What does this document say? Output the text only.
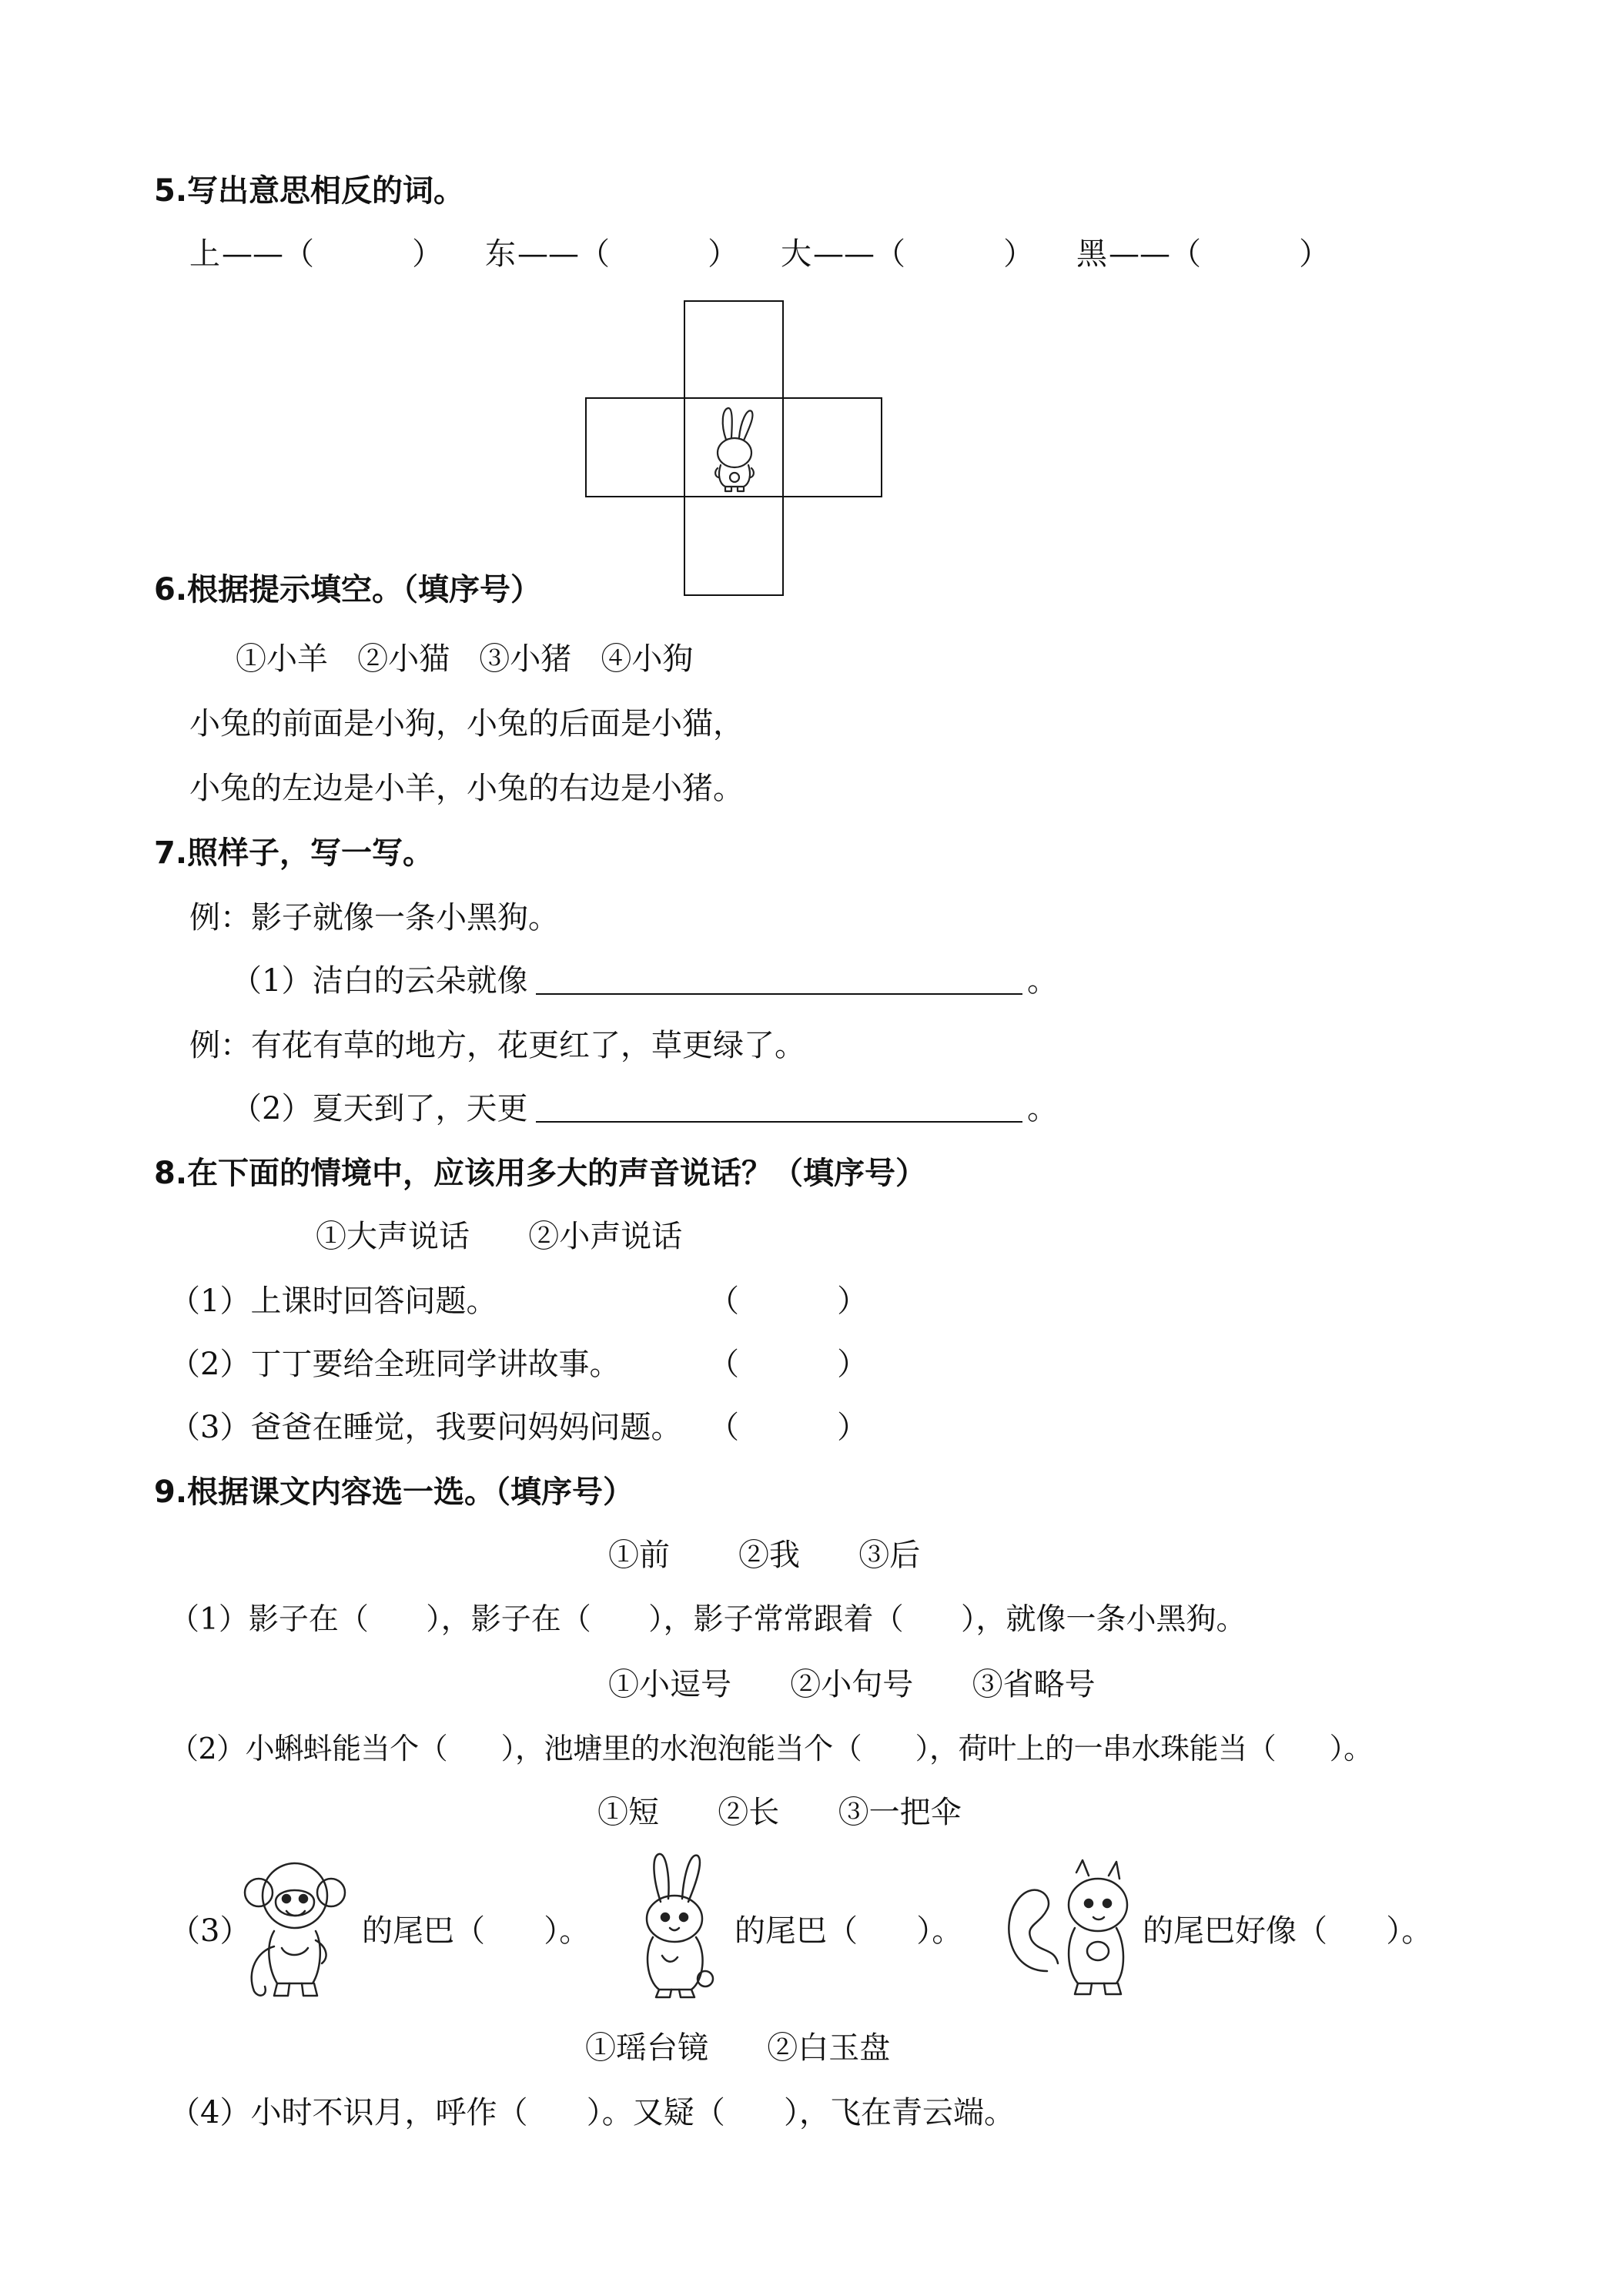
5.写出意思相反的词。
上 —— （          ） 东 —— （          ） 大 —— （          ） 黑 —— （          ）
6.根据提示填空。（填序号）
①小羊   ②小猫   ③小猪   ④小狗
小兔的前面是小狗，小兔的后面是小猫，
小兔的左边是小羊，小兔的右边是小猪。
7.照样子，写一写。
例：影子就像一条小黑狗。
（1）洁白的云朵就像	。
例：有花有草的地方，花更红了，草更绿了。
（2）夏天到了，天更	。
8.在下面的情境中，应该用多大的声音说话？（填序号）
①大声说话      ②小声说话
（1）上课时回答问题。	（          ）
（2）丁丁要给全班同学讲故事。	（          ）
（3）爸爸在睡觉，我要问妈妈问题。 （          ）
9.根据课文内容选一选。（填序号）
①前       ②我      ③后
（1）影子在（      ），影子在（      ），影子常常跟着（      ），就像一条小黑狗。
①小逗号      ②小句号      ③省略号
（2）小蝌蚪能当个（      ），池塘里的水泡泡能当个（      ），荷叶上的一串水珠能当（      ）。
①短      ②长      ③一把伞
（3）	的尾巴（      ）。	的尾巴（      ）。	的尾巴好像（      ）。
①瑶台镜      ②白玉盘
（4）小时不识月，呼作（      ）。又疑（      ），飞在青云端。
